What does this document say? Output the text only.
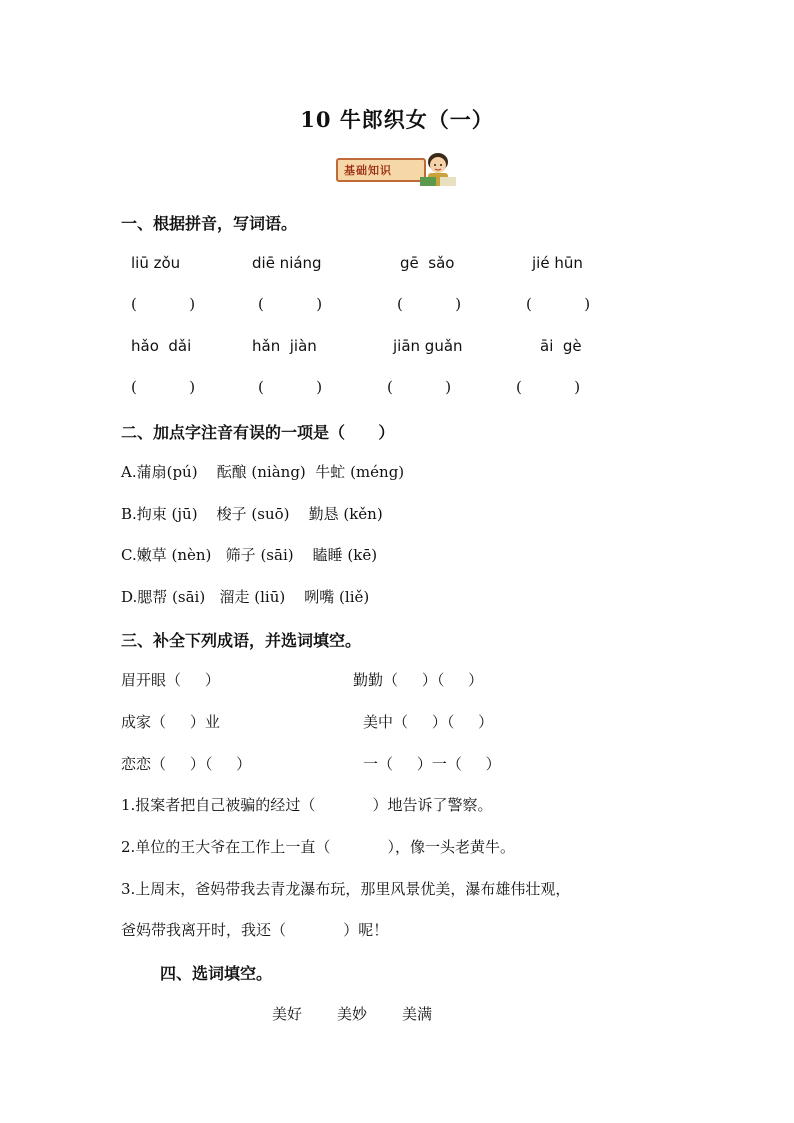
10 牛郎织女（一）

基础知识

一、根据拼音，写词语。
liū zǒu	diē niáng	gē  sǎo	jié hūn
(           )	(           )	(           )	(           )
hǎo  dǎi	hǎn  jiàn	jiān guǎn	āi  gè
(           )	(           )	(           )	(           )
二、加点字注音有误的一项是（      ）
A.蒲扇(pú)    酝酿 (niàng)  牛虻 (méng)
B.拘束 (jū)    梭子 (suō)    勤恳 (kěn)
C.嫩草 (nèn)   筛子 (sāi)    瞌睡 (kē)
D.腮帮 (sāi)   溜走 (liū)    咧嘴 (liě)
三、补全下列成语，并选词填空。
眉开眼（     ）	勤勤（     ）（     ）
成家（     ）业	美中（     ）（     ）
恋恋（     ）（     ）	一（     ）一（     ）
1.报案者把自己被骗的经过（            ）地告诉了警察。
2.单位的王大爷在工作上一直（            ），像一头老黄牛。
3.上周末，爸妈带我去青龙瀑布玩，那里风景优美，瀑布雄伟壮观，
爸妈带我离开时，我还（            ）呢！
四、选词填空。
美好 美妙 美满
